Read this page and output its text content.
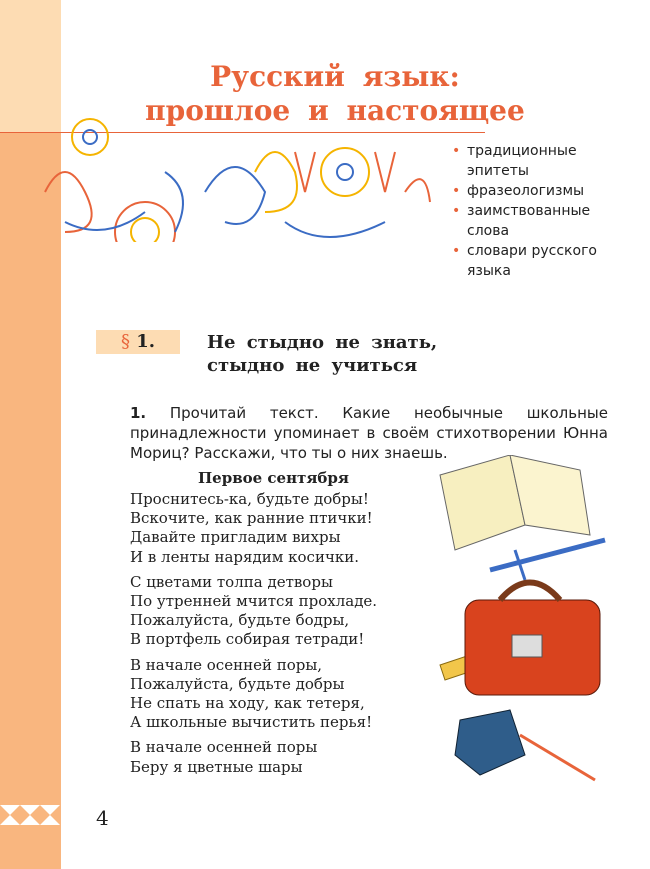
Русский язык:
прошлое и настоящее
• традиционные эпитеты
• фразеологизмы
• заимствованные слова
• словари русского языка
§ 1.	Не стыдно не знать,
стыдно не учиться
1. Прочитай текст. Какие необычные школьные принадлежности упоминает в своём стихотворении Юнна Мориц? Расскажи, что ты о них знаешь.
Первое сентября
Проснитесь-ка, будьте добры!
Вскочите, как ранние птички!
Давайте пригладим вихры
И в ленты нарядим косички.
С цветами толпа детворы
По утренней мчится прохладе.
Пожалуйста, будьте бодры,
В портфель собирая тетради!
В начале осенней поры,
Пожалуйста, будьте добры
Не спать на ходу, как тетеря,
А школьные вычистить перья!
В начале осенней поры
Беру я цветные шары
4
